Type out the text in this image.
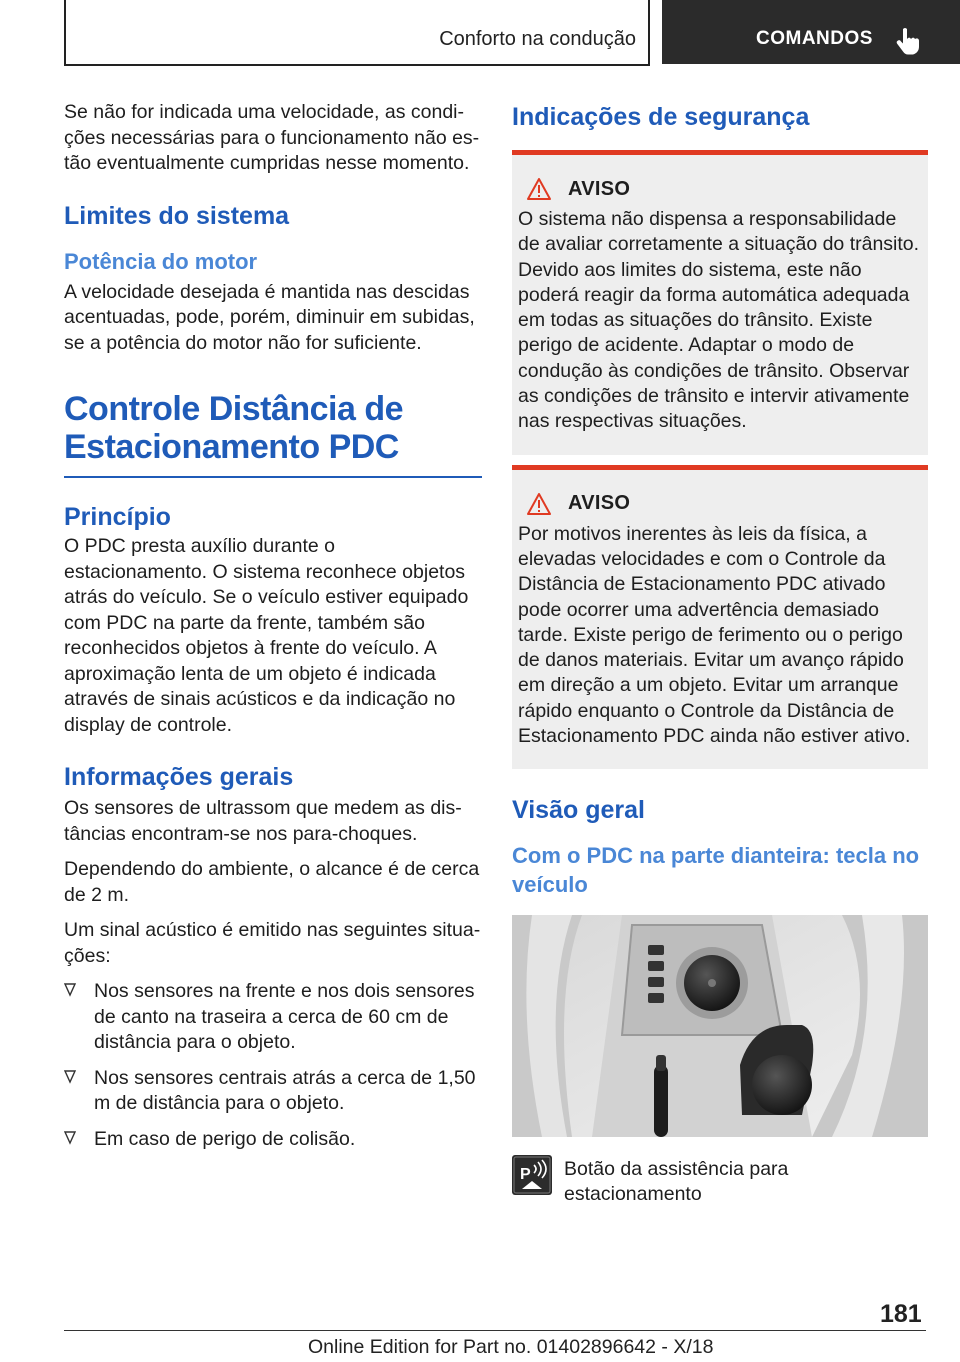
Conforto na condução	COMANDOS

Se não for indicada uma velocidade, as condições necessárias para o funcionamento não estão eventualmente cumpridas nesse momento.

Limites do sistema
Potência do motor

A velocidade desejada é mantida nas descidas acentuadas, pode, porém, diminuir em subidas, se a potência do motor não for suficiente.

Controle Distância de
Estacionamento PDC
Princípio

O PDC presta auxílio durante o estacionamento. O sistema reconhece objetos atrás do veículo. Se o veículo estiver equipado com PDC na parte da frente, também são reconhecidos objetos à frente do veículo. A aproximação lenta de um objeto é indicada através de sinais acústicos e da indicação no display de controle.

Informações gerais

Os sensores de ultrassom que medem as distâncias encontram-se nos para-choques.

Dependendo do ambiente, o alcance é de cerca de 2 m.

Um sinal acústico é emitido nas seguintes situações:

Nos sensores na frente e nos dois sensores de canto na traseira a cerca de 60 cm de distância para o objeto.
Nos sensores centrais atrás a cerca de 1,50 m de distância para o objeto.
Em caso de perigo de colisão.
Indicações de segurança
AVISO

O sistema não dispensa a responsabilidade de avaliar corretamente a situação do trânsito. Devido aos limites do sistema, este não poderá reagir da forma automática adequada em todas as situações do trânsito. Existe perigo de acidente. Adaptar o modo de condução às condições de trânsito. Observar as condições de trânsito e intervir ativamente nas respectivas situações.

AVISO

Por motivos inerentes às leis da física, a elevadas velocidades e com o Controle da Distância de Estacionamento PDC ativado pode ocorrer uma advertência demasiado tarde. Existe perigo de ferimento ou o perigo de danos materiais. Evitar um avanço rápido em direção a um objeto. Evitar um arranque rápido enquanto o Controle da Distância de Estacionamento PDC ainda não estiver ativo.

Visão geral
Com o PDC na parte dianteira: tecla no veículo
P Botão da assistência para estacionamento
181
Online Edition for Part no. 01402896642 - X/18
